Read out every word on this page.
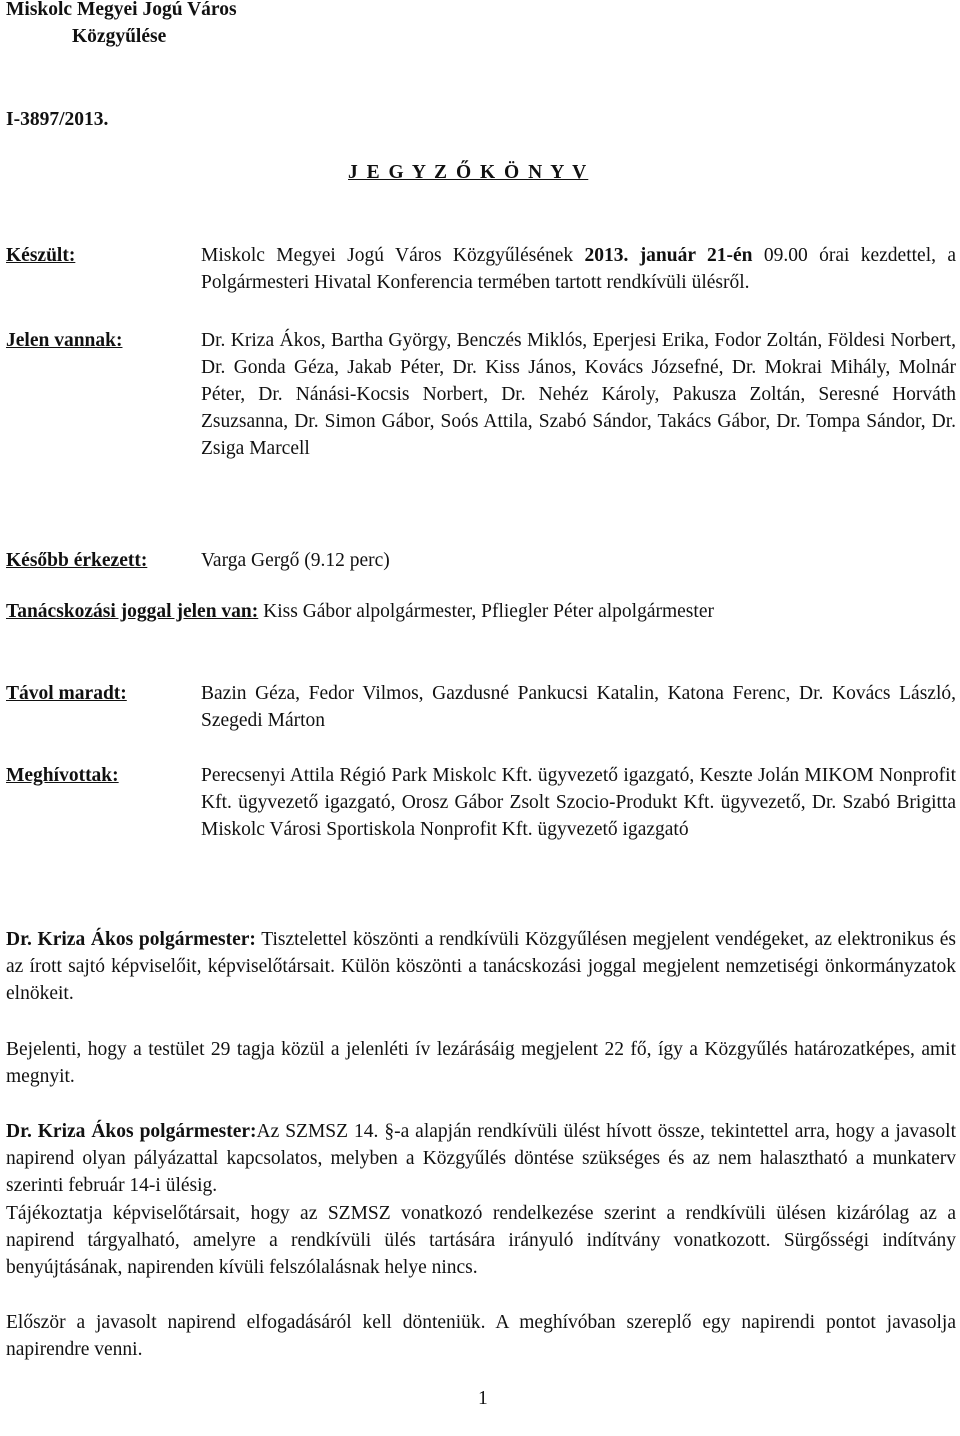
Miskolc Megyei Jogú Város
Közgyűlése
I-3897/2013.
J E G Y Z Ő K Ö N Y V
Készült:	Miskolc Megyei Jogú Város Közgyűlésének 2013. január 21-én 09.00 órai kezdettel, a Polgármesteri Hivatal Konferencia termében tartott rendkívüli ülésről.
Jelen vannak:	Dr. Kriza Ákos, Bartha György, Benczés Miklós, Eperjesi Erika, Fodor Zoltán, Földesi Norbert, Dr. Gonda Géza, Jakab Péter, Dr. Kiss János, Kovács Józsefné, Dr. Mokrai Mihály, Molnár Péter, Dr. Nánási-Kocsis Norbert, Dr. Nehéz Károly, Pakusza Zoltán, Seresné Horváth Zsuzsanna, Dr. Simon Gábor, Soós Attila, Szabó Sándor, Takács Gábor, Dr. Tompa Sándor, Dr. Zsiga Marcell
Később érkezett:	Varga Gergő (9.12 perc)
Tanácskozási joggal jelen van: Kiss Gábor alpolgármester, Pfliegler Péter alpolgármester
Távol maradt:	Bazin Géza, Fedor Vilmos, Gazdusné Pankucsi Katalin, Katona Ferenc, Dr. Kovács László, Szegedi Márton
Meghívottak:	Perecsenyi Attila Régió Park Miskolc Kft. ügyvezető igazgató, Keszte Jolán MIKOM Nonprofit Kft. ügyvezető igazgató, Orosz Gábor Zsolt Szocio-Produkt Kft. ügyvezető, Dr. Szabó Brigitta Miskolc Városi Sportiskola Nonprofit Kft. ügyvezető igazgató
Dr. Kriza Ákos polgármester: Tisztelettel köszönti a rendkívüli Közgyűlésen megjelent vendégeket, az elektronikus és az írott sajtó képviselőit, képviselőtársait. Külön köszönti a tanácskozási joggal megjelent nemzetiségi önkormányzatok elnökeit.
Bejelenti, hogy a testület 29 tagja közül a jelenléti ív lezárásáig megjelent 22 fő, így a Közgyűlés határozatképes, amit megnyit.
Dr. Kriza Ákos polgármester:Az SZMSZ 14. §-a alapján rendkívüli ülést hívott össze, tekintettel arra, hogy a javasolt napirend olyan pályázattal kapcsolatos, melyben a Közgyűlés döntése szükséges és az nem halasztható a munkaterv szerinti február 14-i ülésig.
Tájékoztatja képviselőtársait, hogy az SZMSZ vonatkozó rendelkezése szerint a rendkívüli ülésen kizárólag az a napirend tárgyalható, amelyre a rendkívüli ülés tartására irányuló indítvány vonatkozott. Sürgősségi indítvány benyújtásának, napirenden kívüli felszólalásnak helye nincs.
Először a javasolt napirend elfogadásáról kell dönteniük. A meghívóban szereplő egy napirendi pontot javasolja napirendre venni.
1
